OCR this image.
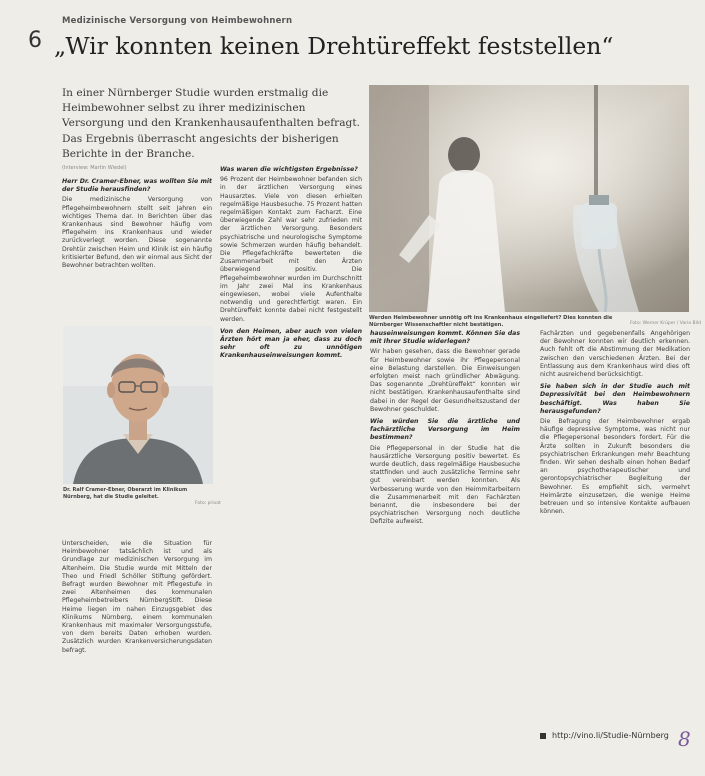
Medizinische Versorgung von Heimbewohnern
6 „Wir konnten keinen Drehtüreffekt feststellen“
In einer Nürnberger Studie wurden erstmalig die Heimbewohner selbst zu ihrer medizinischen Versorgung und den Krankenhausaufenthalten befragt. Das Ergebnis überrascht angesichts der bisherigen Berichte in der Branche.
(Interview: Martin Wiedel)

Herr Dr. Cramer-Ebner, was wollten Sie mit der Studie herausfinden?

Die medizinische Versorgung von Pflegeheimbewohnern stellt seit Jahren ein wichtiges Thema dar. In Berichten über das Krankenhaus sind Bewohner häufig vom Pflegeheim ins Krankenhaus und wieder zurückverlegt worden. Diese sogenannte Drehtür zwischen Heim und Klinik ist ein häufig kritisierter Befund, den wir einmal aus Sicht der Bewohner betrachten wollten.

Dr. Ralf Cramer-Ebner, Oberarzt im Klinikum Nürnberg, hat die Studie geleitet.
Foto: privat

Unterscheiden, wie die Situation für Heimbewohner tatsächlich ist und als Grundlage zur medizinischen Versorgung im Altenheim. Die Studie wurde mit Mitteln der Theo und Friedl Schöller Stiftung gefördert. Befragt wurden Bewohner mit Pflegestufe in zwei Altenheimen des kommunalen Pflegeheimbetreibers NürnbergStift. Diese Heime liegen im nahen Einzugsgebiet des Klinikums Nürnberg, einem kommunalen Krankenhaus mit maximaler Versorgungsstufe, von dem bereits Daten erhoben wurden. Zusätzlich wurden Krankenversicherungsdaten befragt.

Was waren die wichtigsten Ergebnisse?

96 Prozent der Heimbewohner befanden sich in der ärztlichen Versorgung eines Hausarztes. Viele von diesen erhielten regelmäßige Hausbesuche. 75 Prozent hatten regelmäßigen Kontakt zum Facharzt. Eine überwiegende Zahl war sehr zufrieden mit der ärztlichen Versorgung. Besonders psychiatrische und neurologische Symptome sowie Schmerzen wurden häufig behandelt. Die Pflegefachkräfte bewerteten die Zusammenarbeit mit den Ärzten überwiegend positiv. Die Pflegeheimbewohner wurden im Durchschnitt im Jahr zwei Mal ins Krankenhaus eingewiesen, wobei viele Aufenthalte notwendig und gerechtfertigt waren. Ein Drehtüreffekt konnte dabei nicht festgestellt werden.

Von den Heimen, aber auch von vielen Ärzten hört man ja eher, dass zu doch sehr oft zu unnötigen Krankenhauseinweisungen kommt.

Werden Heimbewohner unnötig oft ins Krankenhaus eingeliefert? Dies konnten die Nürnberger Wissenschaftler nicht bestätigen.	Foto: Werner Krüper / Vario Bild

hauseinweisungen kommt. Können Sie das mit Ihrer Studie widerlegen?

Wir haben gesehen, dass die Bewohner gerade für Heimbewohner sowie ihr Pflegepersonal eine Belastung darstellen. Die Einweisungen erfolgten meist nach gründlicher Abwägung. Das sogenannte „Drehtüreffekt“ konnten wir nicht bestätigen. Krankenhausaufenthalte sind dabei in der Regel der Gesundheitszustand der Bewohner geschuldet.

Wie würden Sie die ärztliche und fachärztliche Versorgung im Heim bestimmen?

Die Pflegepersonal in der Studie hat die hausärztliche Versorgung positiv bewertet. Es wurde deutlich, dass regelmäßige Hausbesuche stattfinden und auch zusätzliche Termine sehr gut vereinbart werden konnten. Als Verbesserung wurde von den Heimmitarbeitern die Zusammenarbeit mit den Fachärzten benannt, die insbesondere bei der psychiatrischen Versorgung noch deutliche Defizite aufweist.

Fachärzten und gegebenenfalls Angehörigen der Bewohner konnten wir deutlich erkennen. Auch fehlt oft die Abstimmung der Medikation zwischen den verschiedenen Ärzten. Bei der Entlassung aus dem Krankenhaus wird dies oft nicht ausreichend berücksichtigt.

Sie haben sich in der Studie auch mit Depressivität bei den Heimbewohnern beschäftigt. Was haben Sie herausgefunden?

Die Befragung der Heimbewohner ergab häufige depressive Symptome, was nicht nur die Pflegepersonal besonders fordert. Für die Ärzte sollten in Zukunft besonders die psychiatrischen Erkrankungen mehr Beachtung finden. Wir sehen deshalb einen hohen Bedarf an psychotherapeutischer und gerontopsychiatrischer Begleitung der Bewohner. Es empfiehlt sich, vermehrt Heimärzte einzusetzen, die wenige Heime betreuen und so intensive Kontakte aufbauen können.

http://vino.li/Studie-Nürnberg 8
